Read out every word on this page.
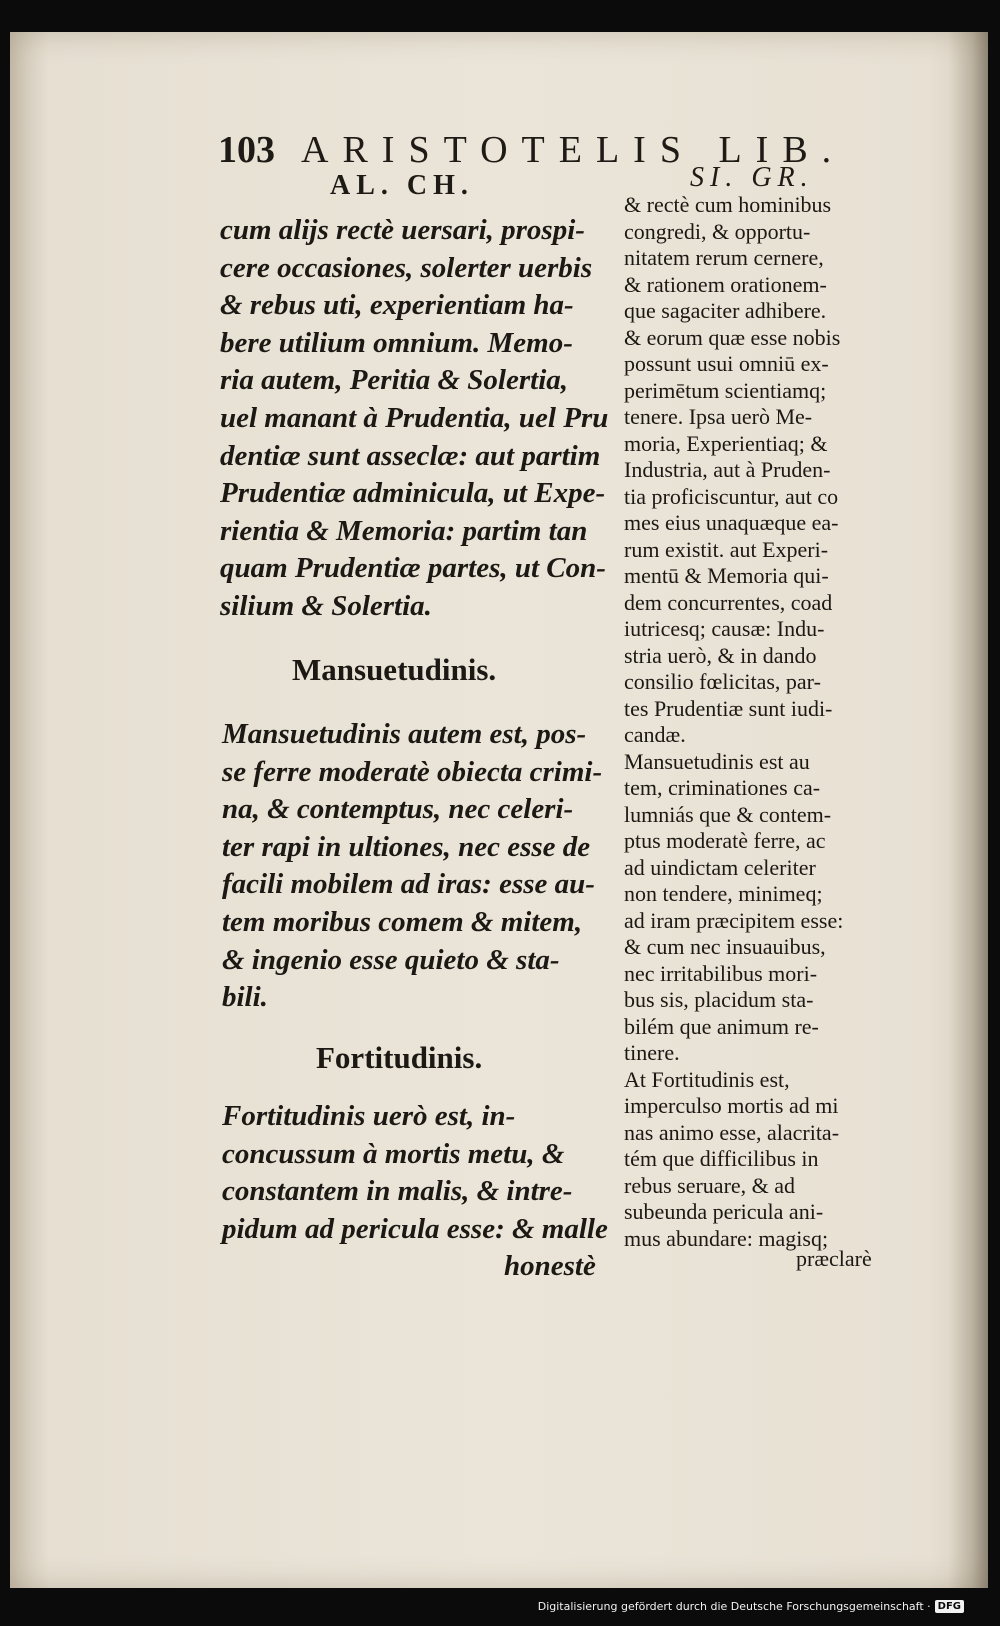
103 ARISTOTELIS LIB.
AL. CH.	SI. GR.
cum alijs rectè uersari, prospi-
cere occasiones, solerter uerbis
& rebus uti, experientiam ha-
bere utilium omnium. Memo-
ria autem, Peritia & Solertia,
uel manant à Prudentia, uel Pru
dentiæ sunt asseclæ: aut partim
Prudentiæ adminicula, ut Expe-
rientia & Memoria: partim tan
quam Prudentiæ partes, ut Con-
silium & Solertia.
Mansuetudinis.
Mansuetudinis autem est, pos-
se ferre moderatè obiecta crimi-
na, & contemptus, nec celeri-
ter rapi in ultiones, nec esse de
facili mobilem ad iras: esse au-
tem moribus comem & mitem,
& ingenio esse quieto & sta-
bili.
Fortitudinis.
Fortitudinis uerò est, in-
concussum à mortis metu, &
constantem in malis, & intre-
pidum ad pericula esse: & malle
honestè
& rectè cum hominibus
congredi, & opportu-
nitatem rerum cernere,
& rationem orationem-
que sagaciter adhibere.
& eorum quæ esse nobis
possunt usui omniū ex-
perimētum scientiamq;
tenere. Ipsa uerò Me-
moria, Experientiaq; &
Industria, aut à Pruden-
tia proficiscuntur, aut co
mes eius unaquæque ea-
rum existit. aut Experi-
mentū & Memoria qui-
dem concurrentes, coad
iutricesq; causæ: Indu-
stria uerò, & in dando
consilio fœlicitas, par-
tes Prudentiæ sunt iudi-
candæ.
Mansuetudinis est au
tem, criminationes ca-
lumniás que & contem-
ptus moderatè ferre, ac
ad uindictam celeriter
non tendere, minimeq;
ad iram præcipitem esse:
& cum nec insuauibus,
nec irritabilibus mori-
bus sis, placidum sta-
bilém que animum re-
tinere.
At Fortitudinis est,
imperculso mortis ad mi
nas animo esse, alacrita-
tém que difficilibus in
rebus seruare, & ad
subeunda pericula ani-
mus abundare: magisq;
præclarè
Digitalisierung gefördert durch die Deutsche Forschungsgemeinschaft · DFG
